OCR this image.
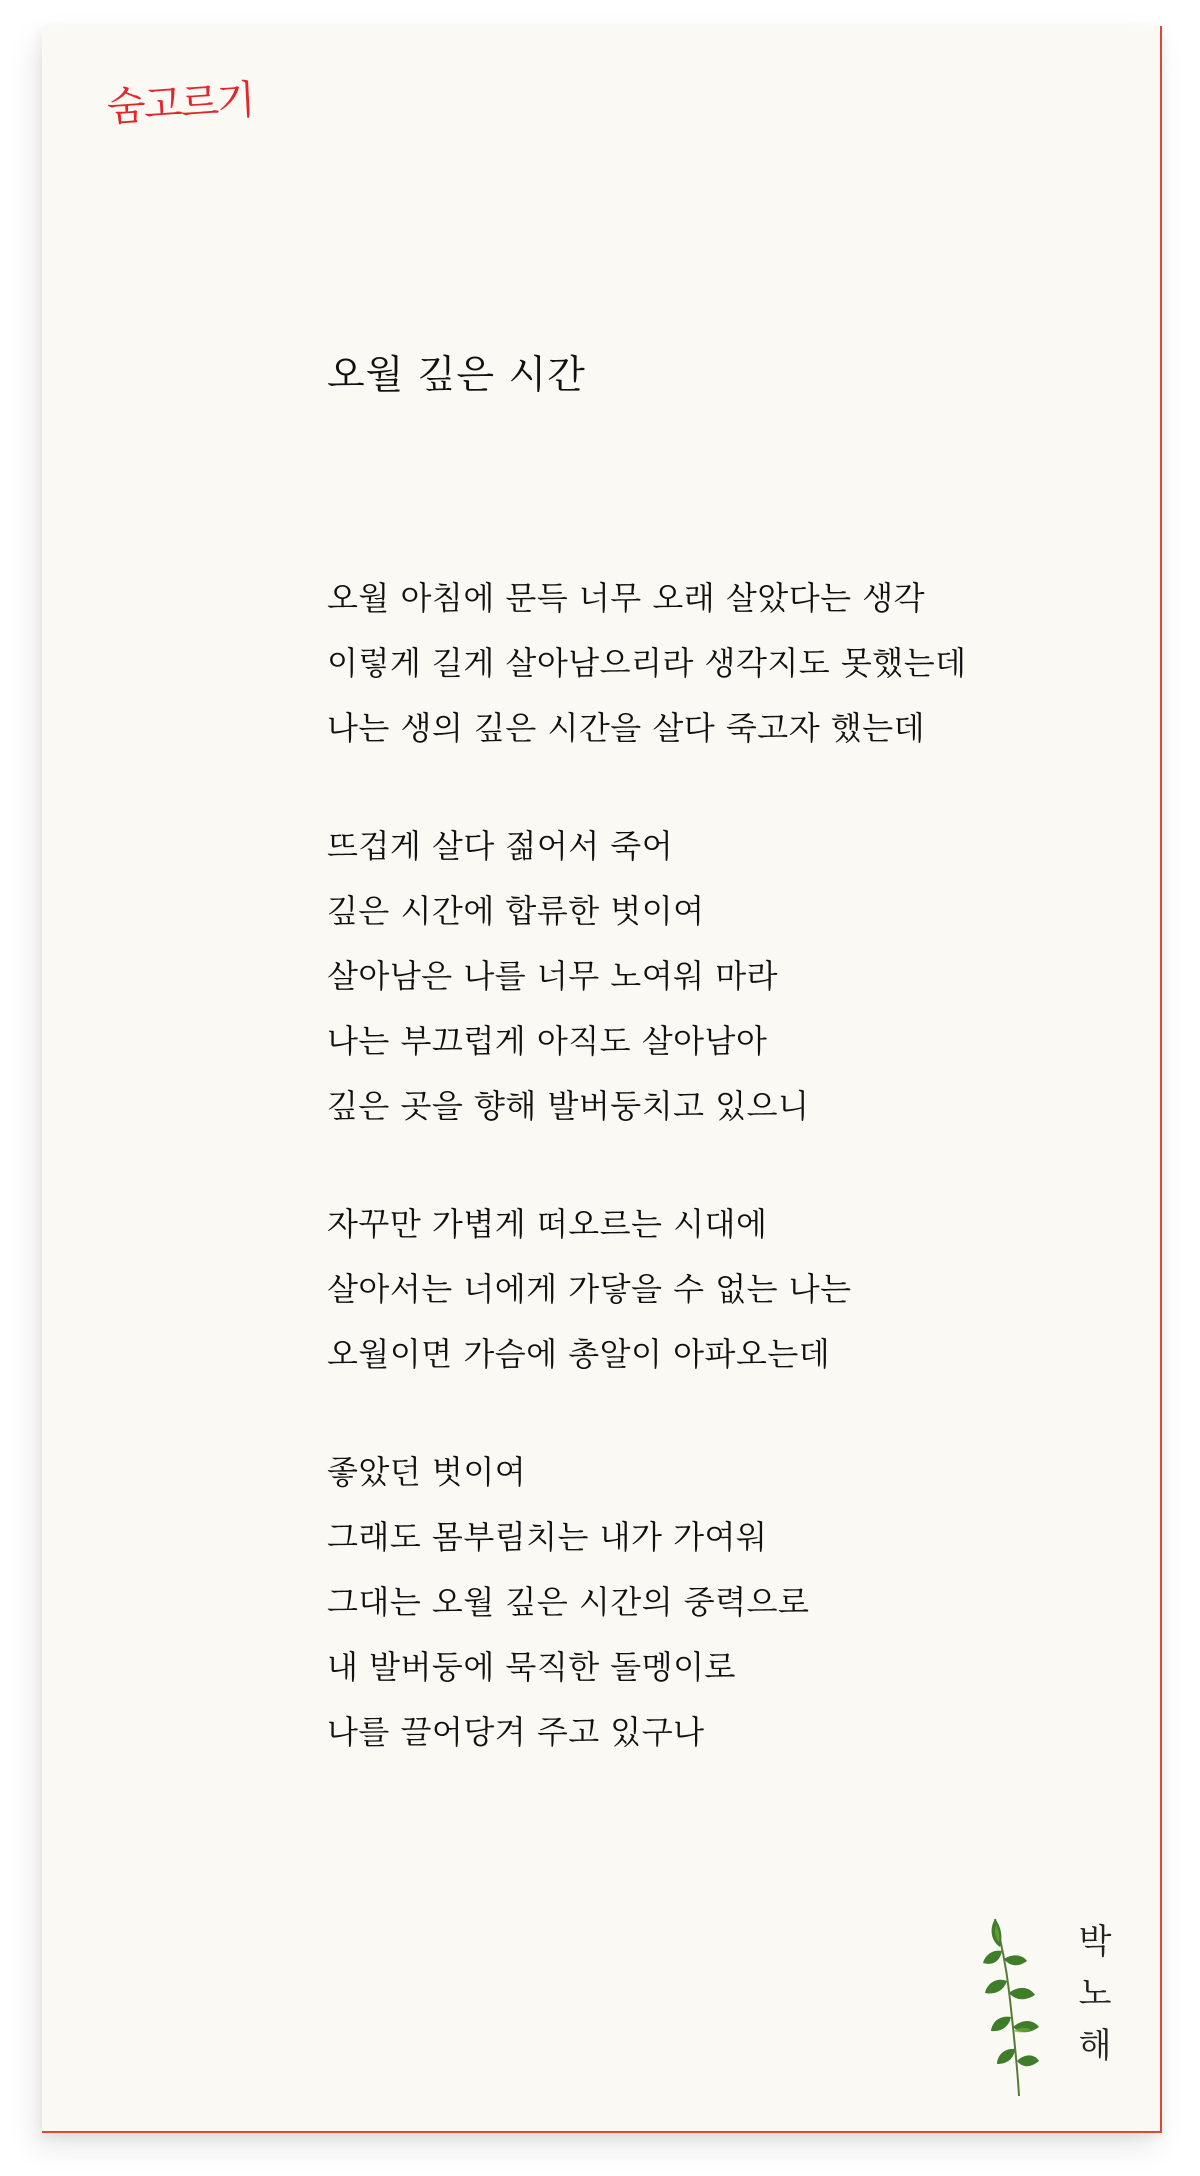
숨고르기
오월 깊은 시간
오월 아침에 문득 너무 오래 살았다는 생각
이렇게 길게 살아남으리라 생각지도 못했는데
나는 생의 깊은 시간을 살다 죽고자 했는데
뜨겁게 살다 젊어서 죽어
깊은 시간에 합류한 벗이여
살아남은 나를 너무 노여워 마라
나는 부끄럽게 아직도 살아남아
깊은 곳을 향해 발버둥치고 있으니
자꾸만 가볍게 떠오르는 시대에
살아서는 너에게 가닿을 수 없는 나는
오월이면 가슴에 총알이 아파오는데
좋았던 벗이여
그래도 몸부림치는 내가 가여워
그대는 오월 깊은 시간의 중력으로
내 발버둥에 묵직한 돌멩이로
나를 끌어당겨 주고 있구나
박
노
해
